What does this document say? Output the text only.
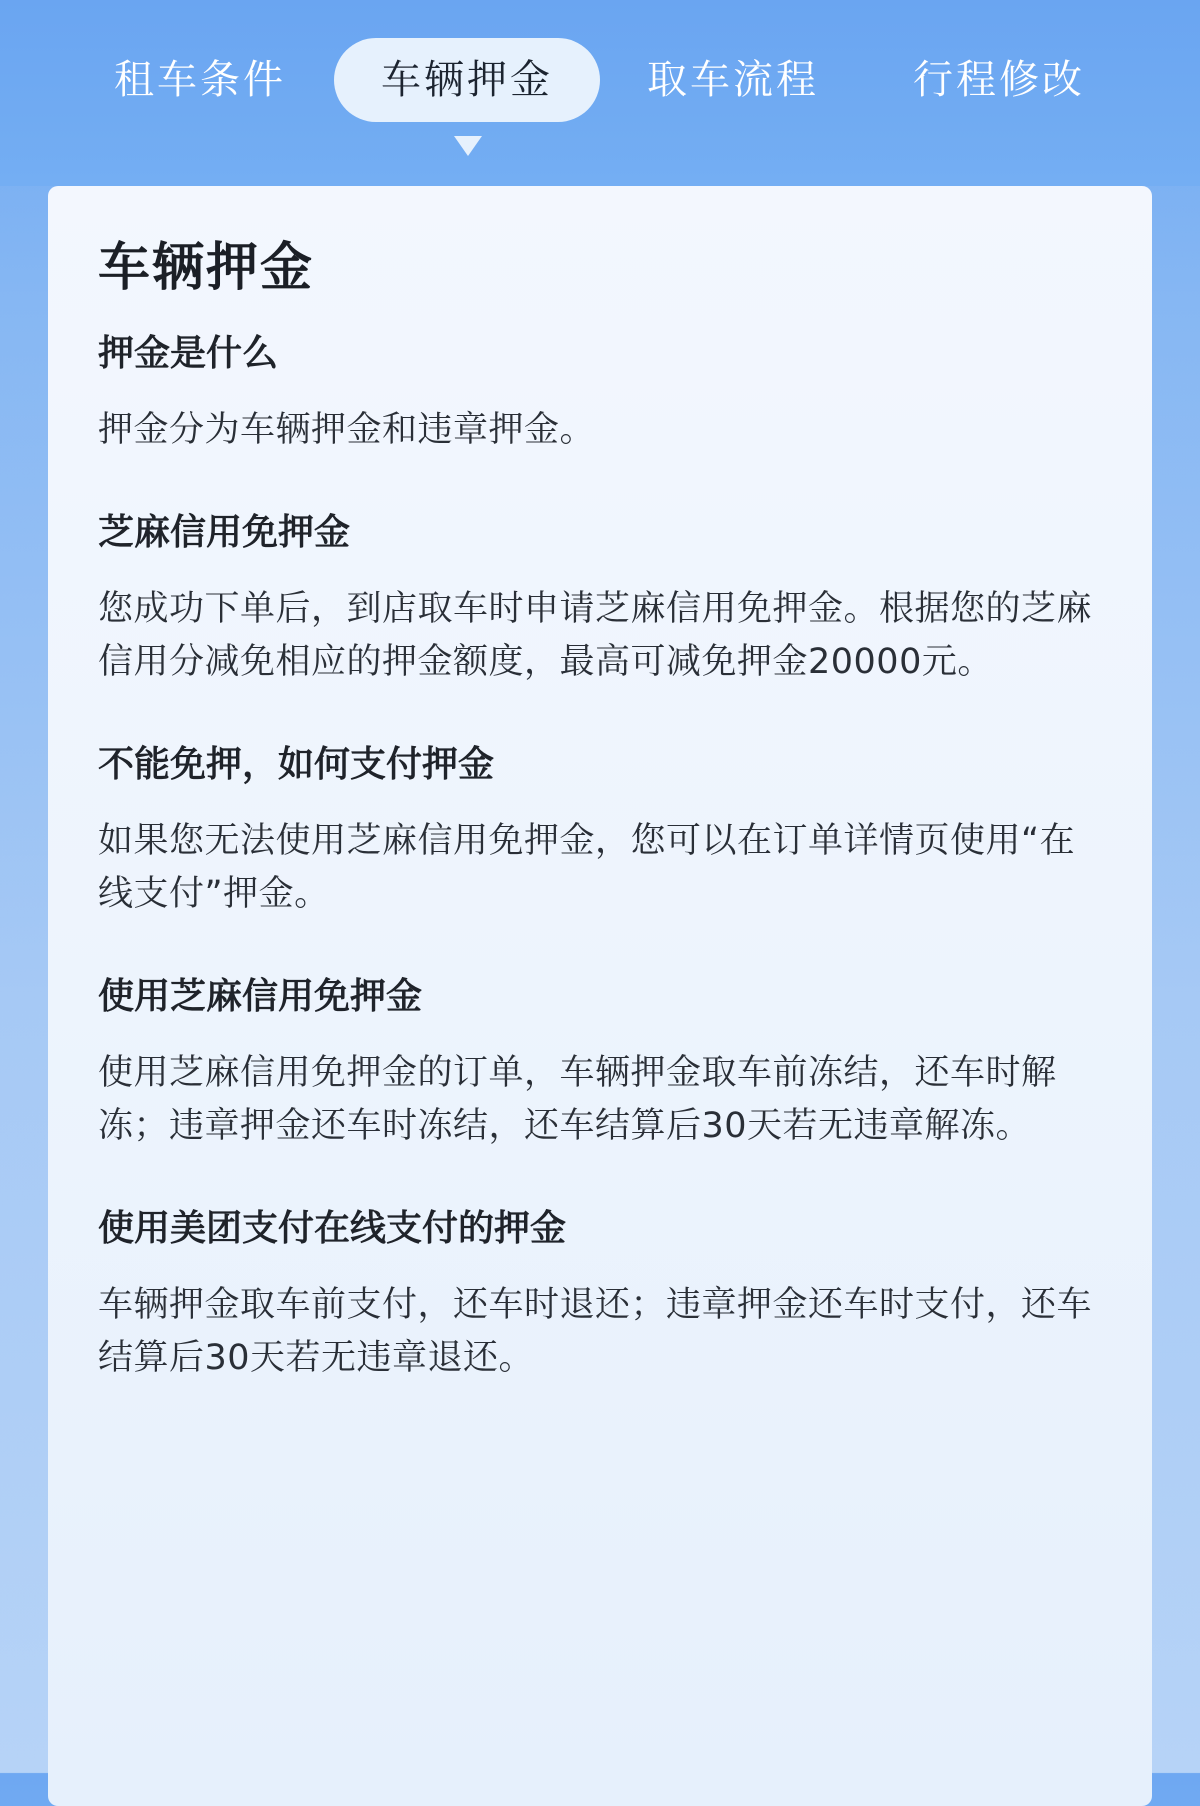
租车条件	车辆押金	取车流程	行程修改
车辆押金
押金是什么

押金分为车辆押金和违章押金。

芝麻信用免押金

您成功下单后，到店取车时申请芝麻信用免押金。根据您的芝麻信用分减免相应的押金额度，最高可减免押金20000元。

不能免押，如何支付押金

如果您无法使用芝麻信用免押金，您可以在订单详情页使用“在线支付”押金。

使用芝麻信用免押金

使用芝麻信用免押金的订单，车辆押金取车前冻结，还车时解冻；违章押金还车时冻结，还车结算后30天若无违章解冻。

使用美团支付在线支付的押金

车辆押金取车前支付，还车时退还；违章押金还车时支付，还车结算后30天若无违章退还。
